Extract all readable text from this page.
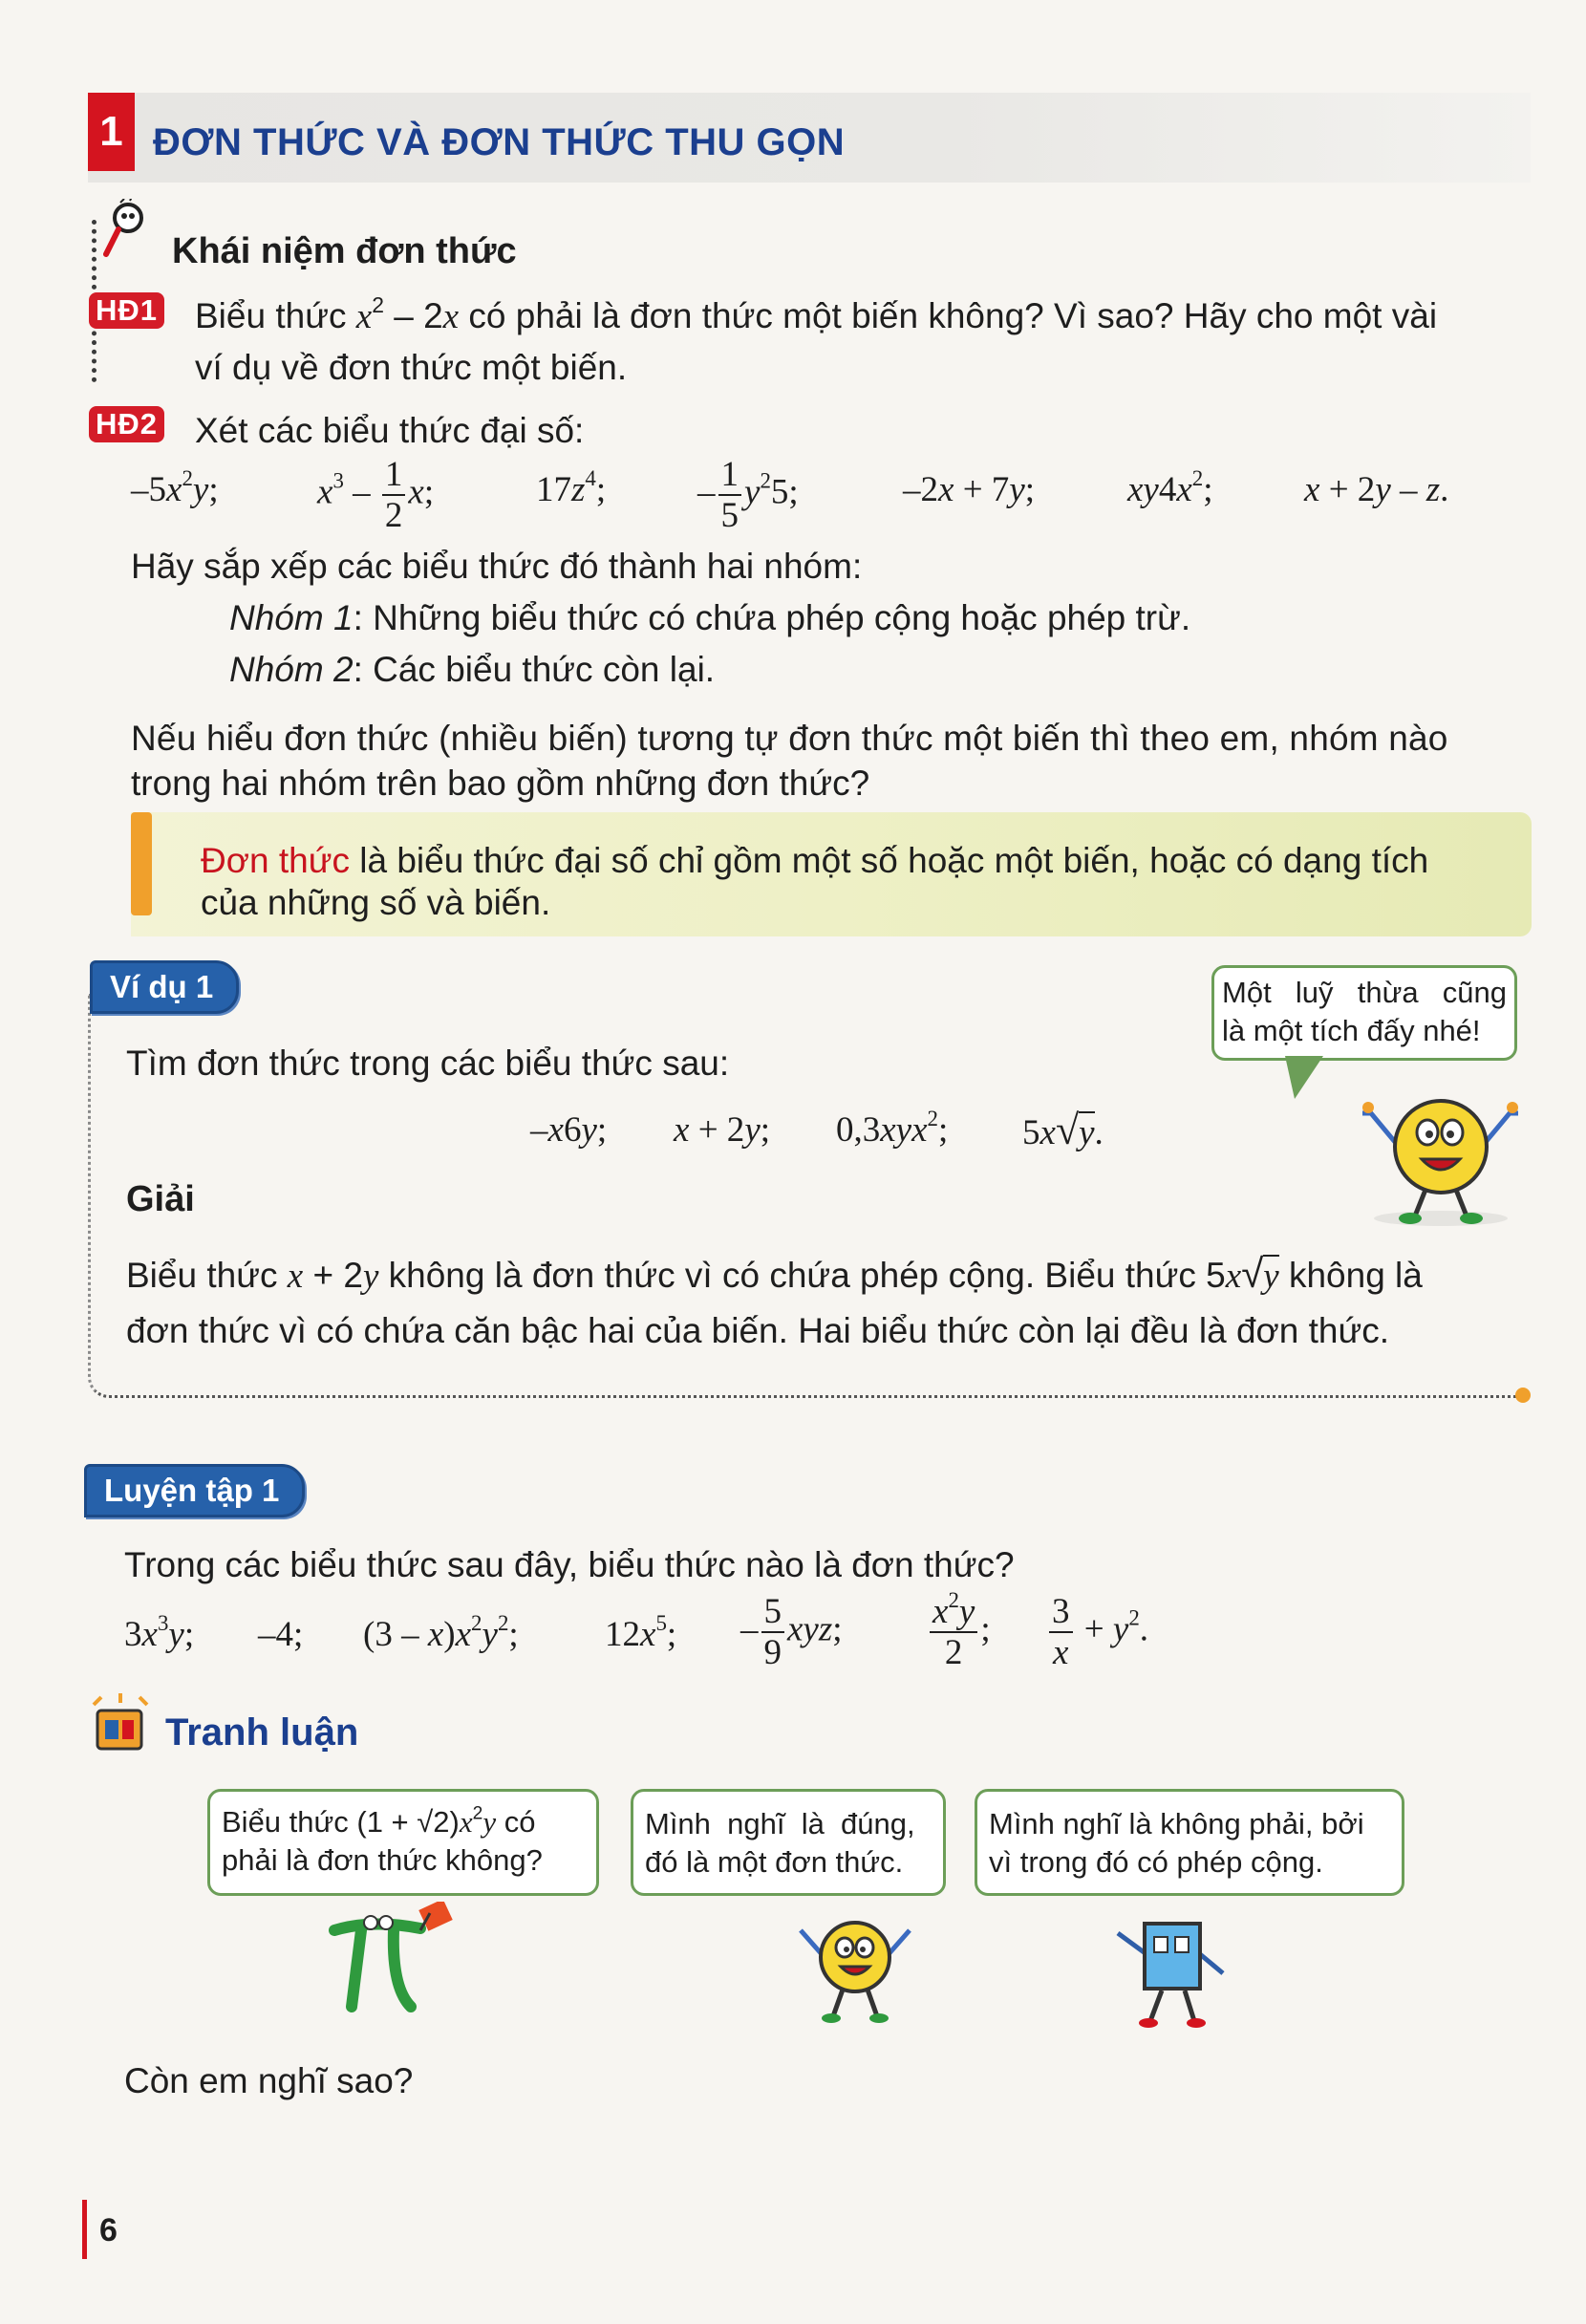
1 ĐƠN THỨC VÀ ĐƠN THỨC THU GỌN
Khái niệm đơn thức
HĐ1 Biểu thức $x^2 - 2x$ có phải là đơn thức một biến không? Vì sao? Hãy cho một vài
ví dụ về đơn thức một biến.
HĐ2 Xét các biểu thức đại số:
$-5x^2y$;	$x^3 - \frac{1}{2} x$;	$17z^4$;	– $\frac{1}{5} y^25$;	–2x + 7y;	$xy4x^2$;	x + 2y – z.
Hãy sắp xếp các biểu thức đó thành hai nhóm:
Nhóm 1: Những biểu thức có chứa phép cộng hoặc phép trừ.
Nhóm 2: Các biểu thức còn lại.
Nếu hiểu đơn thức (nhiều biến) tương tự đơn thức một biến thì theo em, nhóm nào
trong hai nhóm trên bao gồm những đơn thức?
Đơn thức là biểu thức đại số chỉ gồm một số hoặc một biến, hoặc có dạng tích
của những số và biến.
Ví dụ 1
Tìm đơn thức trong các biểu thức sau:
Một luỹ thừa cũng
là một tích đấy nhé!
–x6y; x + 2y; 0,3xyx$^2$; 5x√y.
Giải
Biểu thức x + 2y không là đơn thức vì có chứa phép cộng. Biểu thức 5x√y không là
đơn thức vì có chứa căn bậc hai của biến. Hai biểu thức còn lại đều là đơn thức.
Luyện tập 1
Trong các biểu thức sau đây, biểu thức nào là đơn thức?
$3x^3y$; –4; $(3 - x)x^2y^2$; $12x^5$; – $\frac{5}{9}$ xyz; $\frac{x^2y}{2}$ ; $\frac{3}{x} + y^2$.
Tranh luận
Biểu thức $(1 + √2)x^2y$ có
phải là đơn thức không?
Mình  nghĩ  là  đúng,
đó là một đơn thức.
Mình nghĩ là không phải, bởi
vì trong đó có phép cộng.
Còn em nghĩ sao?
6
